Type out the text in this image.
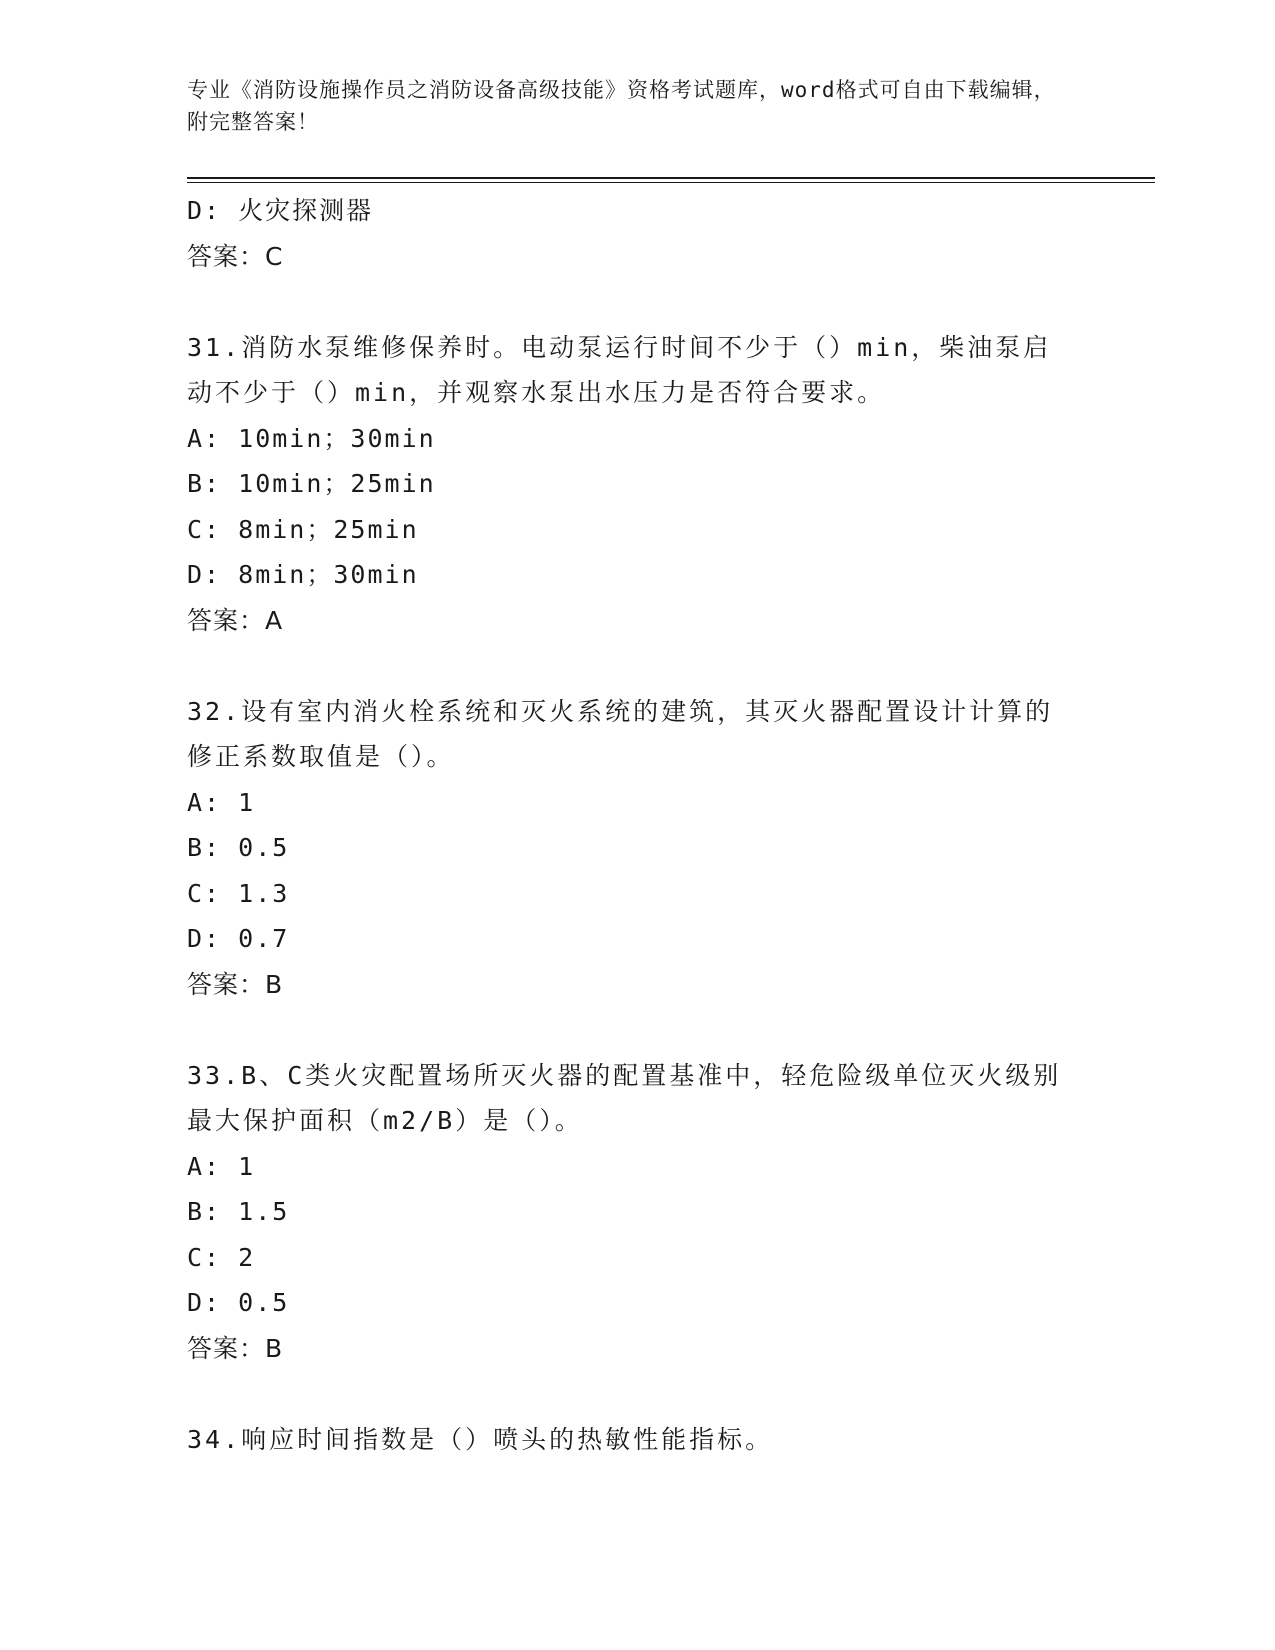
专业《消防设施操作员之消防设备高级技能》资格考试题库，word格式可自由下载编辑，附完整答案！
D: 火灾探测器
答案：C
31.消防水泵维修保养时。电动泵运行时间不少于（）min，柴油泵启
动不少于（）min，并观察水泵出水压力是否符合要求。
A: 10min；30min
B: 10min；25min
C: 8min；25min
D: 8min；30min
答案：A
32.设有室内消火栓系统和灭火系统的建筑，其灭火器配置设计计算的
修正系数取值是（）。
A: 1
B: 0.5
C: 1.3
D: 0.7
答案：B
33.B、C类火灾配置场所灭火器的配置基准中，轻危险级单位灭火级别
最大保护面积（m2/B）是（）。
A: 1
B: 1.5
C: 2
D: 0.5
答案：B
34.响应时间指数是（）喷头的热敏性能指标。
